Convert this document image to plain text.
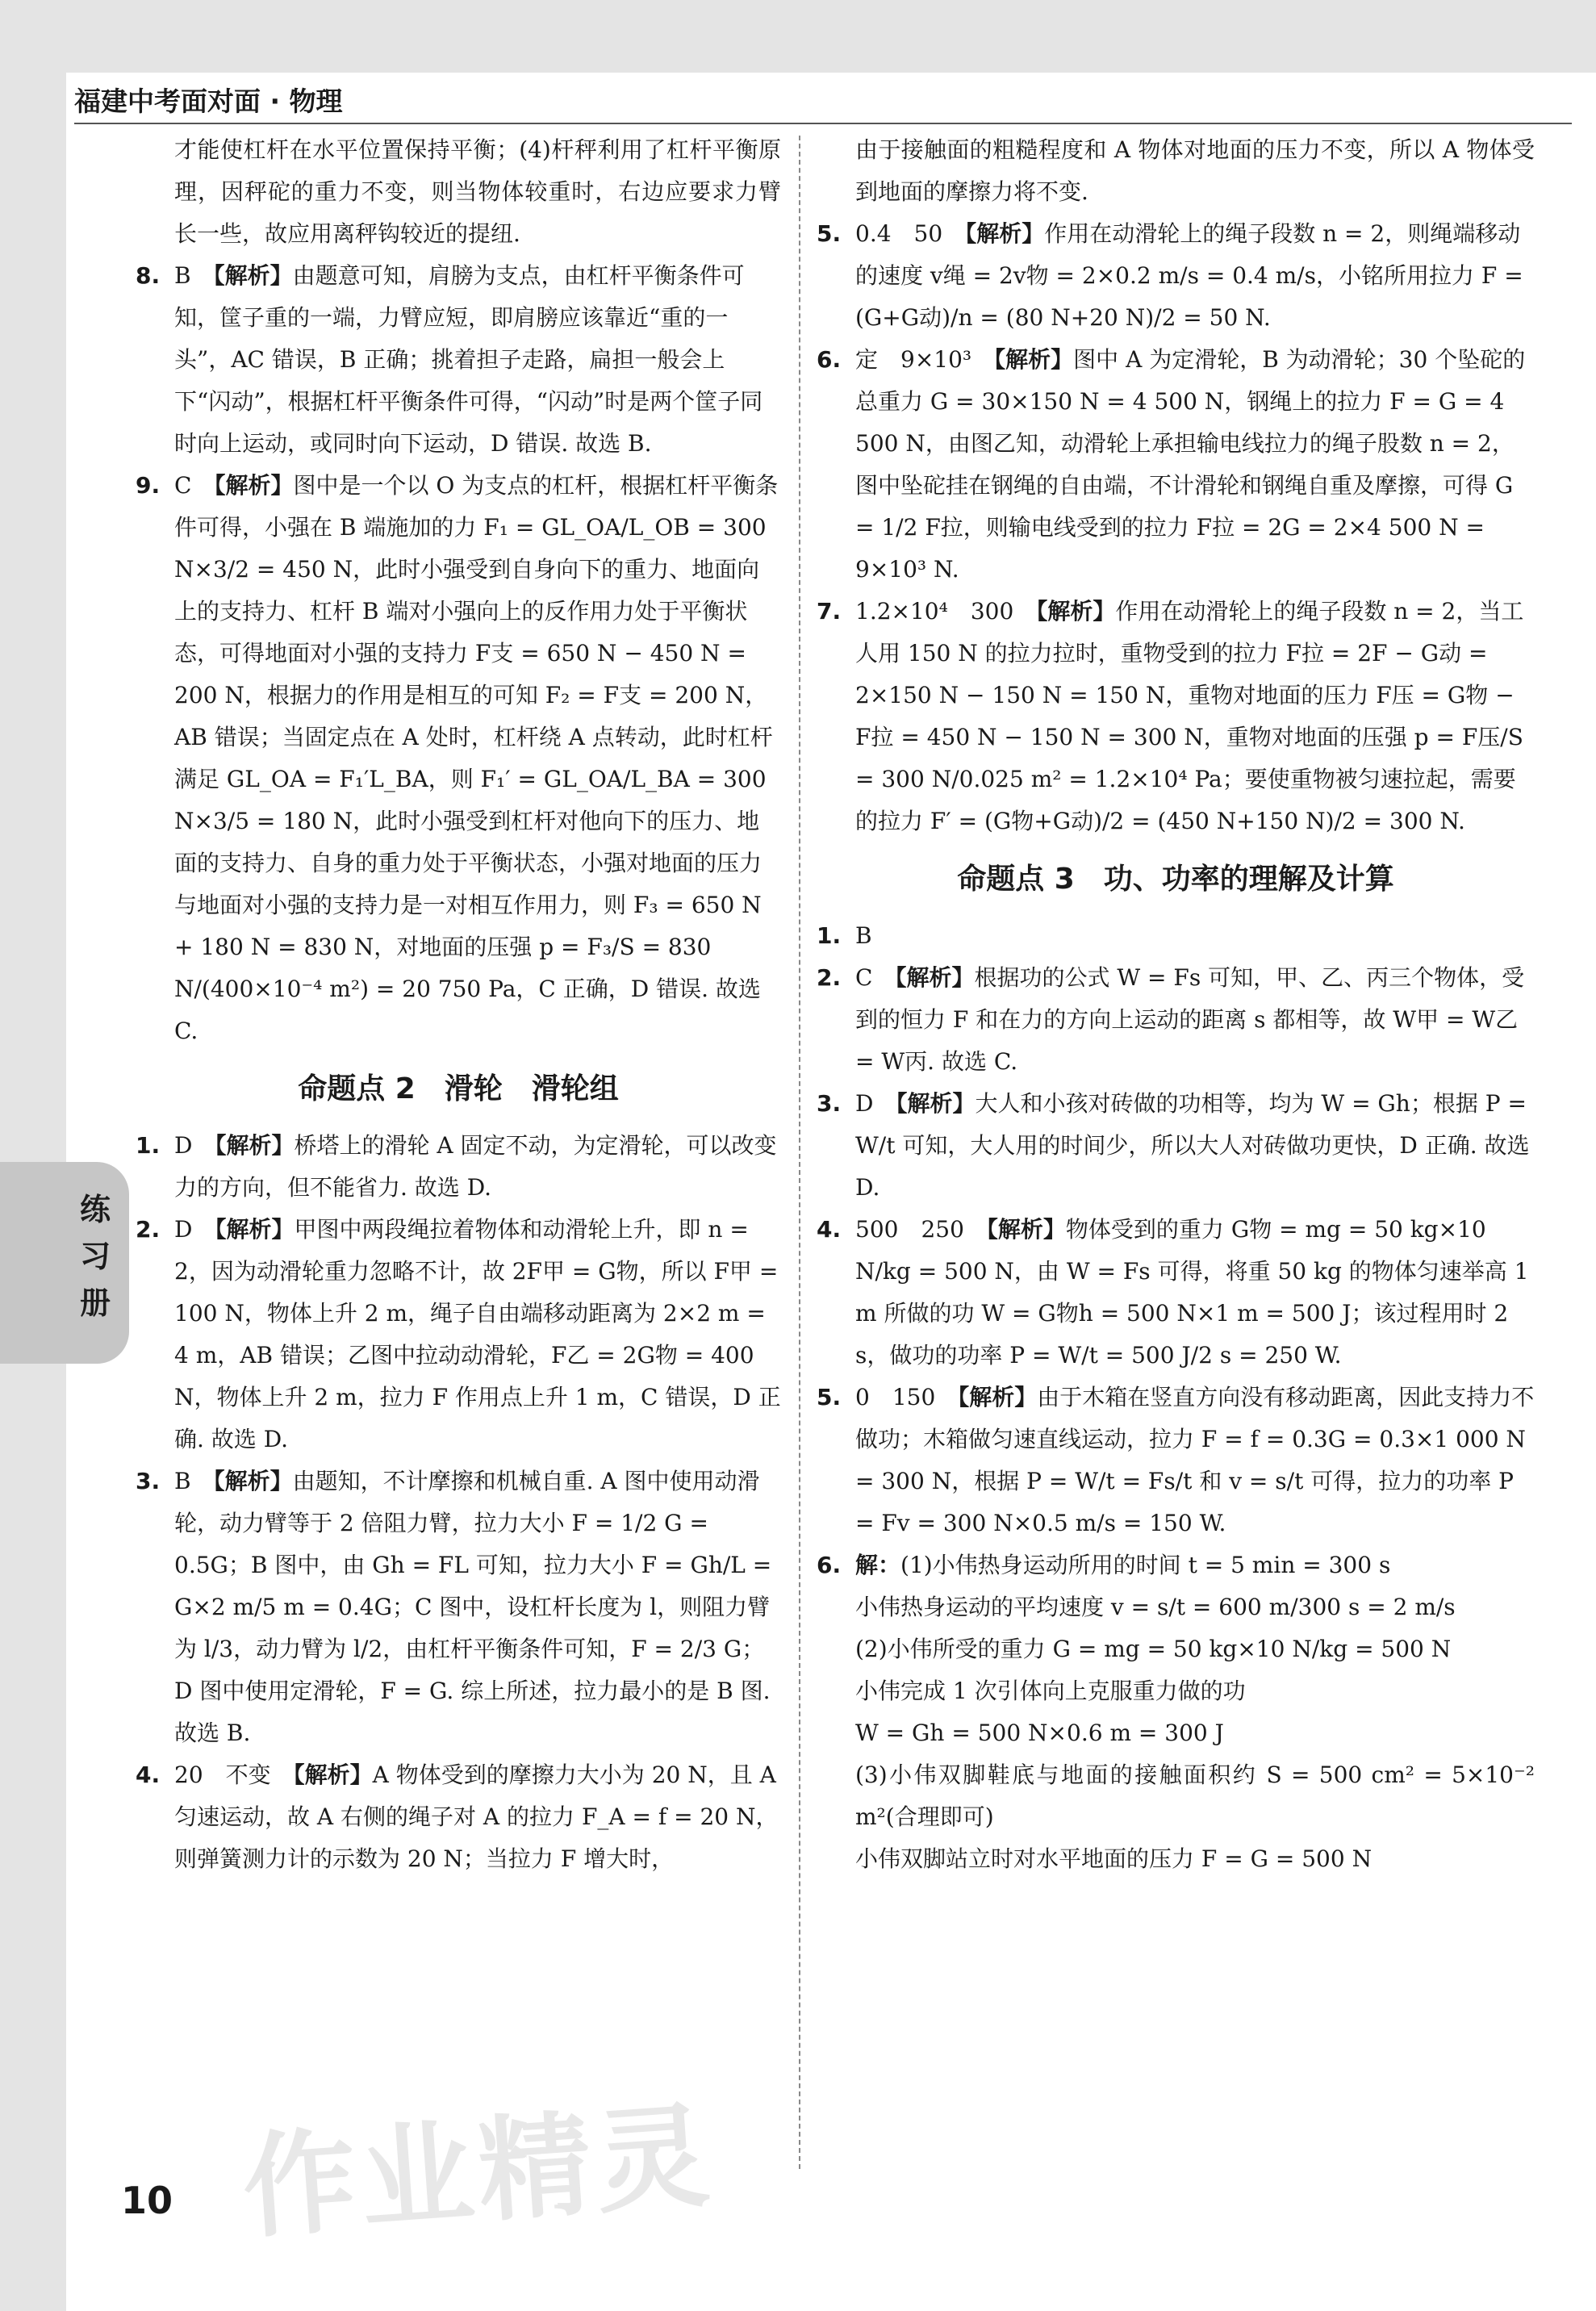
福建中考面对面 · 物理
练习册
作业精灵
10

才能使杠杆在水平位置保持平衡；(4)杆秤利用了杠杆平衡原理，因秤砣的重力不变，则当物体较重时，右边应要求力臂长一些，故应用离秤钩较近的提纽.

8. B　 【解析】由题意可知，肩膀为支点，由杠杆平衡条件可知，筐子重的一端，力臂应短，即肩膀应该靠近“重的一头”，AC 错误，B 正确；挑着担子走路，扁担一般会上下“闪动”，根据杠杆平衡条件可得，“闪动”时是两个筐子同时向上运动，或同时向下运动，D 错误. 故选 B.
9. C　 【解析】图中是一个以 O 为支点的杠杆，根据杠杆平衡条件可得，小强在 B 端施加的力 F₁ = GL_OA/L_OB = 300 N×3/2 = 450 N，此时小强受到自身向下的重力、地面向上的支持力、杠杆 B 端对小强向上的反作用力处于平衡状态，可得地面对小强的支持力 F支 = 650 N − 450 N = 200 N，根据力的作用是相互的可知 F₂ = F支 = 200 N，AB 错误；当固定点在 A 处时，杠杆绕 A 点转动，此时杠杆满足 GL_OA = F₁′L_BA，则 F₁′ = GL_OA/L_BA = 300 N×3/5 = 180 N，此时小强受到杠杆对他向下的压力、地面的支持力、自身的重力处于平衡状态，小强对地面的压力与地面对小强的支持力是一对相互作用力，则 F₃ = 650 N + 180 N = 830 N，对地面的压强 p = F₃/S = 830 N/(400×10⁻⁴ m²) = 20 750 Pa，C 正确，D 错误. 故选 C.
命题点 2　滑轮　滑轮组
1. D　 【解析】桥塔上的滑轮 A 固定不动，为定滑轮，可以改变力的方向，但不能省力. 故选 D.
2. D　 【解析】甲图中两段绳拉着物体和动滑轮上升，即 n = 2，因为动滑轮重力忽略不计，故 2F甲 = G物，所以 F甲 = 100 N，物体上升 2 m，绳子自由端移动距离为 2×2 m = 4 m，AB 错误；乙图中拉动动滑轮，F乙 = 2G物 = 400 N，物体上升 2 m，拉力 F 作用点上升 1 m，C 错误，D 正确. 故选 D.
3. B　 【解析】由题知，不计摩擦和机械自重. A 图中使用动滑轮，动力臂等于 2 倍阻力臂，拉力大小 F = 1/2 G = 0.5G；B 图中，由 Gh = FL 可知，拉力大小 F = Gh/L = G×2 m/5 m = 0.4G；C 图中，设杠杆长度为 l，则阻力臂为 l/3，动力臂为 l/2，由杠杆平衡条件可知，F = 2/3 G；D 图中使用定滑轮，F = G. 综上所述，拉力最小的是 B 图. 故选 B.
4. 20　不变　 【解析】A 物体受到的摩擦力大小为 20 N，且 A 匀速运动，故 A 右侧的绳子对 A 的拉力 F_A = f = 20 N，则弹簧测力计的示数为 20 N；当拉力 F 增大时，

由于接触面的粗糙程度和 A 物体对地面的压力不变，所以 A 物体受到地面的摩擦力将不变.

5. 0.4　50　 【解析】作用在动滑轮上的绳子段数 n = 2，则绳端移动的速度 v绳 = 2v物 = 2×0.2 m/s = 0.4 m/s，小铭所用拉力 F = (G+G动)/n = (80 N+20 N)/2 = 50 N.
6. 定　9×10³　 【解析】图中 A 为定滑轮，B 为动滑轮；30 个坠砣的总重力 G = 30×150 N = 4 500 N，钢绳上的拉力 F = G = 4 500 N，由图乙知，动滑轮上承担输电线拉力的绳子股数 n = 2，图中坠砣挂在钢绳的自由端，不计滑轮和钢绳自重及摩擦，可得 G = 1/2 F拉，则输电线受到的拉力 F拉 = 2G = 2×4 500 N = 9×10³ N.
7. 1.2×10⁴　300　 【解析】作用在动滑轮上的绳子段数 n = 2，当工人用 150 N 的拉力拉时，重物受到的拉力 F拉 = 2F − G动 = 2×150 N − 150 N = 150 N，重物对地面的压力 F压 = G物 − F拉 = 450 N − 150 N = 300 N，重物对地面的压强 p = F压/S = 300 N/0.025 m² = 1.2×10⁴ Pa；要使重物被匀速拉起，需要的拉力 F′ = (G物+G动)/2 = (450 N+150 N)/2 = 300 N.
命题点 3　功、功率的理解及计算
1. B
2. C　 【解析】根据功的公式 W = Fs 可知，甲、乙、丙三个物体，受到的恒力 F 和在力的方向上运动的距离 s 都相等，故 W甲 = W乙 = W丙. 故选 C.
3. D　 【解析】大人和小孩对砖做的功相等，均为 W = Gh；根据 P = W/t 可知，大人用的时间少，所以大人对砖做功更快，D 正确. 故选 D.
4. 500　250　 【解析】物体受到的重力 G物 = mg = 50 kg×10 N/kg = 500 N，由 W = Fs 可得，将重 50 kg 的物体匀速举高 1 m 所做的功 W = G物h = 500 N×1 m = 500 J；该过程用时 2 s，做功的功率 P = W/t = 500 J/2 s = 250 W.
5. 0　150　 【解析】由于木箱在竖直方向没有移动距离，因此支持力不做功；木箱做匀速直线运动，拉力 F = f = 0.3G = 0.3×1 000 N = 300 N，根据 P = W/t = Fs/t 和 v = s/t 可得，拉力的功率 P = Fv = 300 N×0.5 m/s = 150 W.
6. 解：(1)小伟热身运动所用的时间 t = 5 min = 300 s

小伟热身运动的平均速度 v = s/t = 600 m/300 s = 2 m/s

(2)小伟所受的重力 G = mg = 50 kg×10 N/kg = 500 N

小伟完成 1 次引体向上克服重力做的功

W = Gh = 500 N×0.6 m = 300 J

(3)小伟双脚鞋底与地面的接触面积约 S = 500 cm² = 5×10⁻² m²(合理即可)

小伟双脚站立时对水平地面的压力 F = G = 500 N
